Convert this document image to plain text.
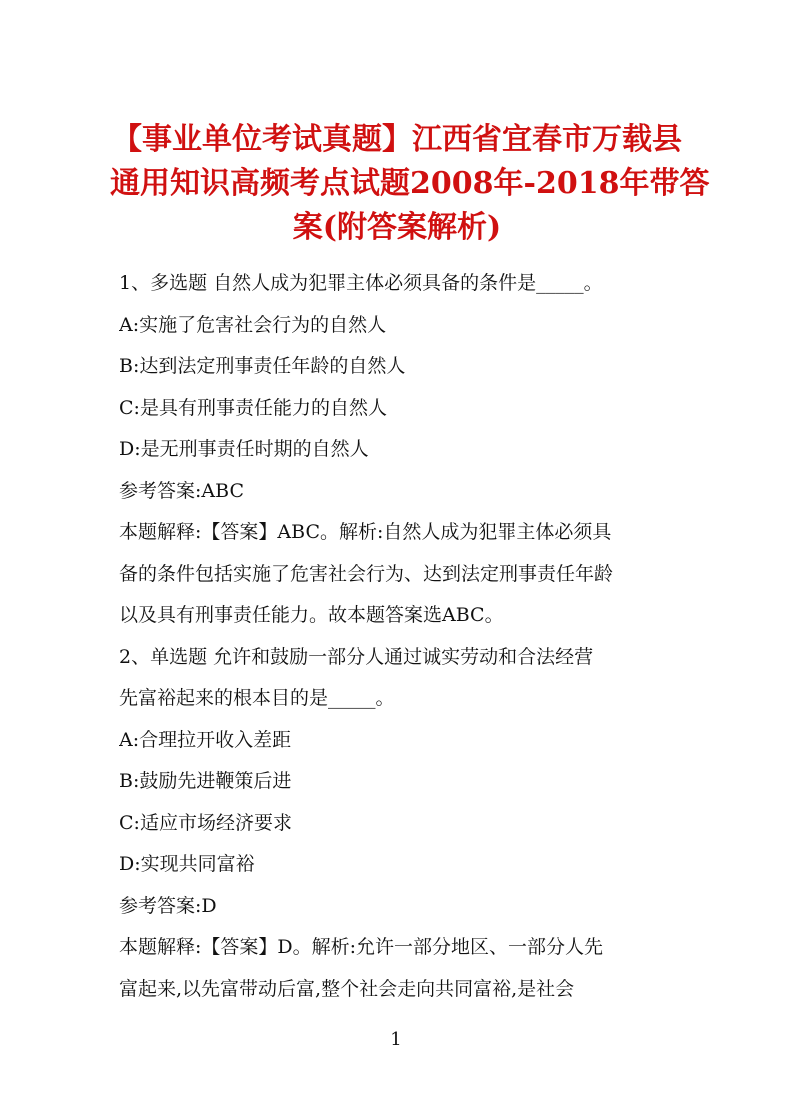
【事业单位考试真题】江西省宜春市万载县
通用知识高频考点试题2008年-2018年带答
案(附答案解析)
1、多选题 自然人成为犯罪主体必须具备的条件是_____。
A:实施了危害社会行为的自然人
B:达到法定刑事责任年龄的自然人
C:是具有刑事责任能力的自然人
D:是无刑事责任时期的自然人
参考答案:ABC
本题解释:【答案】ABC。解析:自然人成为犯罪主体必须具
备的条件包括实施了危害社会行为、达到法定刑事责任年龄
以及具有刑事责任能力。故本题答案选ABC。
2、单选题 允许和鼓励一部分人通过诚实劳动和合法经营
先富裕起来的根本目的是_____。
A:合理拉开收入差距
B:鼓励先进鞭策后进
C:适应市场经济要求
D:实现共同富裕
参考答案:D
本题解释:【答案】D。解析:允许一部分地区、一部分人先
富起来,以先富带动后富,整个社会走向共同富裕,是社会
1
